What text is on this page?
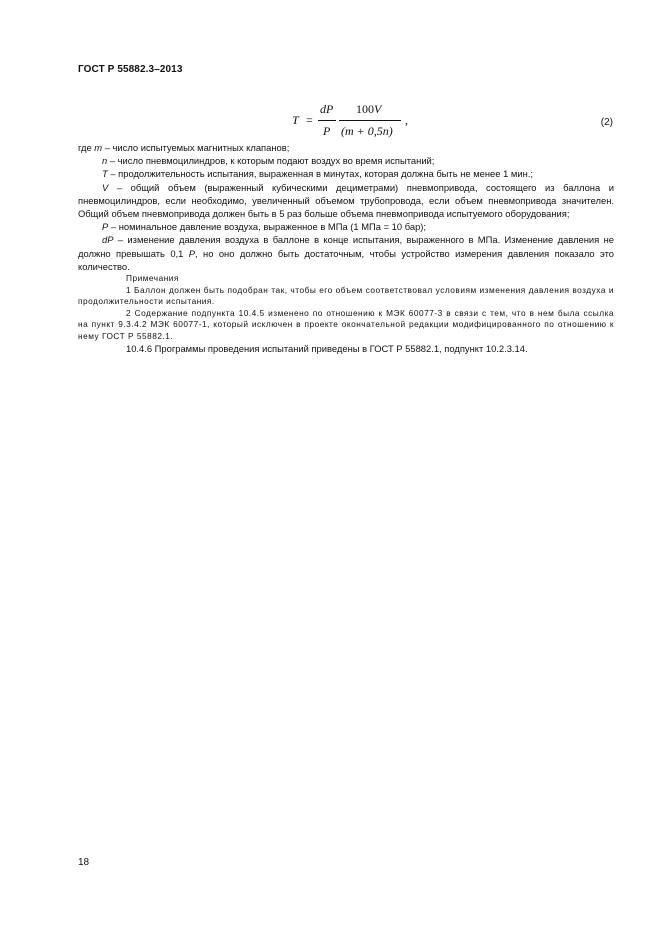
ГОСТ Р 55882.3–2013
T =
dP
P
100V
(m + 0,5n)
,	(2)

где m – число испытуемых магнитных клапанов;

n – число пневмоцилиндров, к которым подают воздух во время испытаний;

T – продолжительность испытания, выраженная в минутах, которая должна быть не менее 1 мин.;

V – общий объем (выраженный кубическими дециметрами) пневмопривода, состоящего из баллона и пневмоцилиндров, если необходимо, увеличенный объемом трубопровода, если объем пневмопривода значителен. Общий объем пневмопривода должен быть в 5 раз больше объема пневмопривода испытуемого оборудования;

P – номинальное давление воздуха, выраженное в МПа (1 МПа = 10 бар);

dP – изменение давления воздуха в баллоне в конце испытания, выраженного в МПа. Изменение давления не должно превышать 0,1 P, но оно должно быть достаточным, чтобы устройство измерения давления показало это количество.

Примечания

1 Баллон должен быть подобран так, чтобы его объем соответствовал условиям изменения давления воздуха и продолжительности испытания.

2 Содержание подпункта 10.4.5 изменено по отношению к МЭК 60077-3 в связи с тем, что в нем была ссылка на пункт 9.3.4.2 МЭК 60077-1, который исключен в проекте окончательной редакции модифицированного по отношению к нему ГОСТ Р 55882.1.

10.4.6 Программы проведения испытаний приведены в ГОСТ Р 55882.1, подпункт 10.2.3.14.

18
